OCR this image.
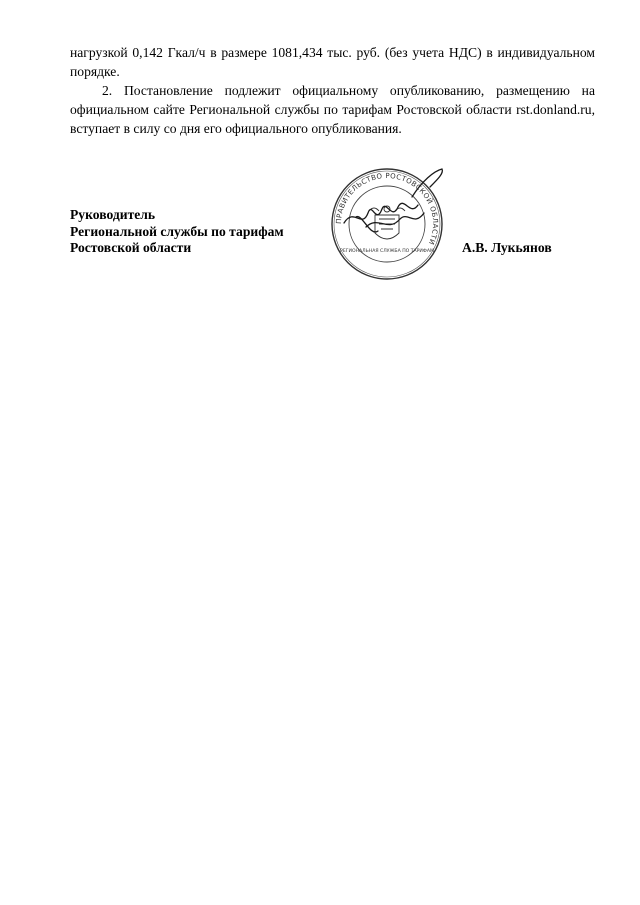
нагрузкой 0,142 Гкал/ч в размере 1081,434 тыс. руб. (без учета НДС) в индивидуальном порядке.

2. Постановление подлежит официальному опубликованию, размещению на официальном сайте Региональной службы по тарифам Ростовской области rst.donland.ru, вступает в силу со дня его официального опубликования.

Руководитель
Региональной службы по тарифам
Ростовской области	А.В. Лукьянов
ПРАВИТЕЛЬСТВО РОСТОВСКОЙ ОБЛАСТИ
РЕГИОНАЛЬНАЯ СЛУЖБА ПО ТАРИФАМ
